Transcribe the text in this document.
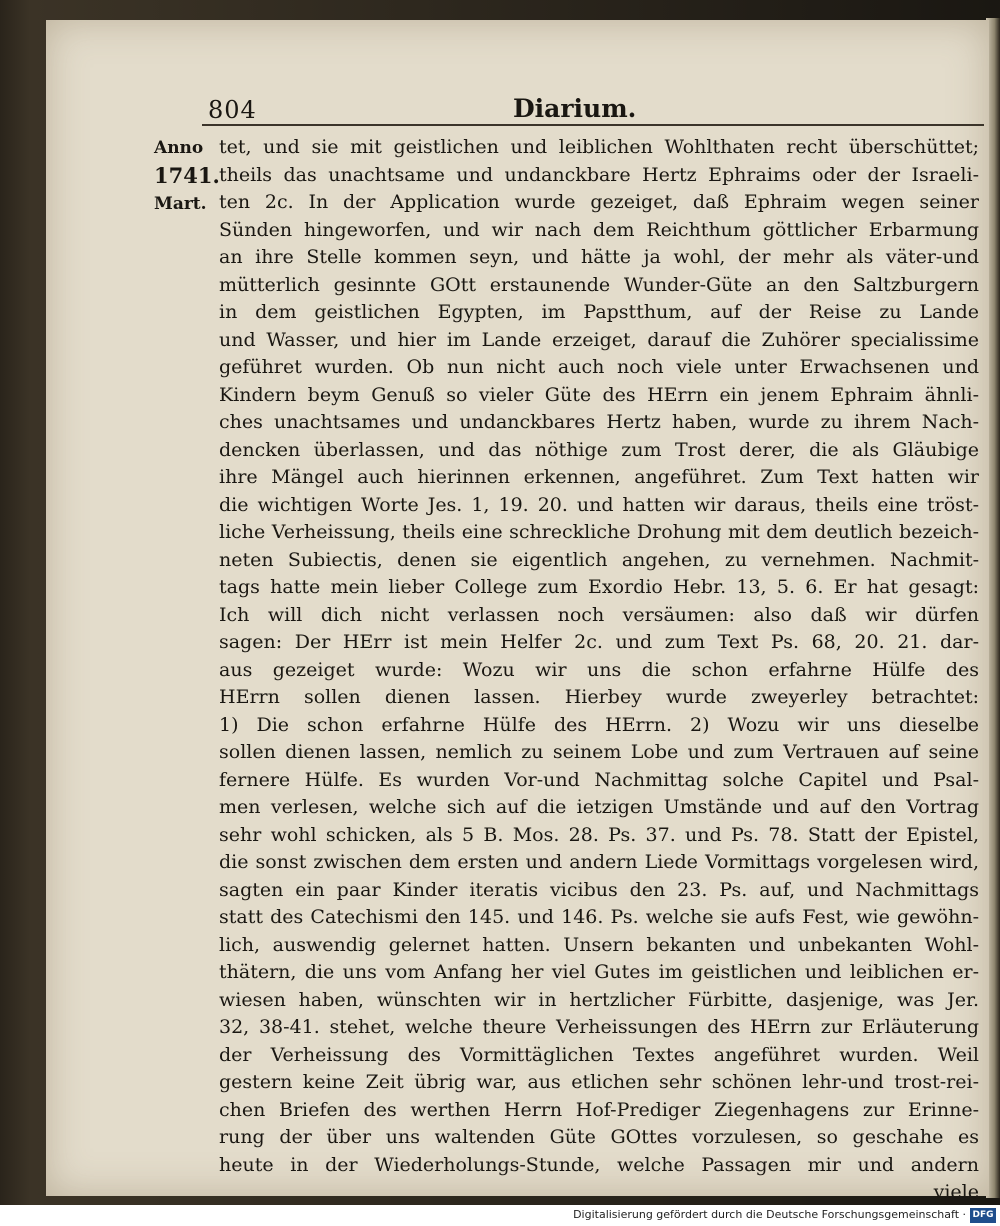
804	Diarium.
Anno
1741.
Mart.
tet, und sie mit geistlichen und leiblichen Wohlthaten recht überschüttet;
theils das unachtsame und undanckbare Hertz Ephraims oder der Israeli-
ten 2c. In der Application wurde gezeiget, daß Ephraim wegen seiner
Sünden hingeworfen, und wir nach dem Reichthum göttlicher Erbarmung
an ihre Stelle kommen seyn, und hätte ja wohl, der mehr als väter-und
mütterlich gesinnte GOtt erstaunende Wunder-Güte an den Saltzburgern
in dem geistlichen Egypten, im Papstthum, auf der Reise zu Lande
und Wasser, und hier im Lande erzeiget, darauf die Zuhörer specialissime
geführet wurden. Ob nun nicht auch noch viele unter Erwachsenen und
Kindern beym Genuß so vieler Güte des HErrn ein jenem Ephraim ähnli-
ches unachtsames und undanckbares Hertz haben, wurde zu ihrem Nach-
dencken überlassen, und das nöthige zum Trost derer, die als Gläubige
ihre Mängel auch hierinnen erkennen, angeführet. Zum Text hatten wir
die wichtigen Worte Jes. 1, 19. 20. und hatten wir daraus, theils eine tröst-
liche Verheissung, theils eine schreckliche Drohung mit dem deutlich bezeich-
neten Subiectis, denen sie eigentlich angehen, zu vernehmen. Nachmit-
tags hatte mein lieber College zum Exordio Hebr. 13, 5. 6. Er hat gesagt:
Ich will dich nicht verlassen noch versäumen: also daß wir dürfen
sagen: Der HErr ist mein Helfer 2c. und zum Text Ps. 68, 20. 21. dar-
aus gezeiget wurde: Wozu wir uns die schon erfahrne Hülfe des
HErrn sollen dienen lassen. Hierbey wurde zweyerley betrachtet:
1) Die schon erfahrne Hülfe des HErrn. 2) Wozu wir uns dieselbe
sollen dienen lassen, nemlich zu seinem Lobe und zum Vertrauen auf seine
fernere Hülfe. Es wurden Vor-und Nachmittag solche Capitel und Psal-
men verlesen, welche sich auf die ietzigen Umstände und auf den Vortrag
sehr wohl schicken, als 5 B. Mos. 28. Ps. 37. und Ps. 78. Statt der Epistel,
die sonst zwischen dem ersten und andern Liede Vormittags vorgelesen wird,
sagten ein paar Kinder iteratis vicibus den 23. Ps. auf, und Nachmittags
statt des Catechismi den 145. und 146. Ps. welche sie aufs Fest, wie gewöhn-
lich, auswendig gelernet hatten. Unsern bekanten und unbekanten Wohl-
thätern, die uns vom Anfang her viel Gutes im geistlichen und leiblichen er-
wiesen haben, wünschten wir in hertzlicher Fürbitte, dasjenige, was Jer.
32, 38-41. stehet, welche theure Verheissungen des HErrn zur Erläuterung
der Verheissung des Vormittäglichen Textes angeführet wurden. Weil
gestern keine Zeit übrig war, aus etlichen sehr schönen lehr-und trost-rei-
chen Briefen des werthen Herrn Hof-Prediger Ziegenhagens zur Erinne-
rung der über uns waltenden Güte GOttes vorzulesen, so geschahe es
heute in der Wiederholungs-Stunde, welche Passagen mir und andern
viele
Digitalisierung gefördert durch die Deutsche Forschungsgemeinschaft · DFG
